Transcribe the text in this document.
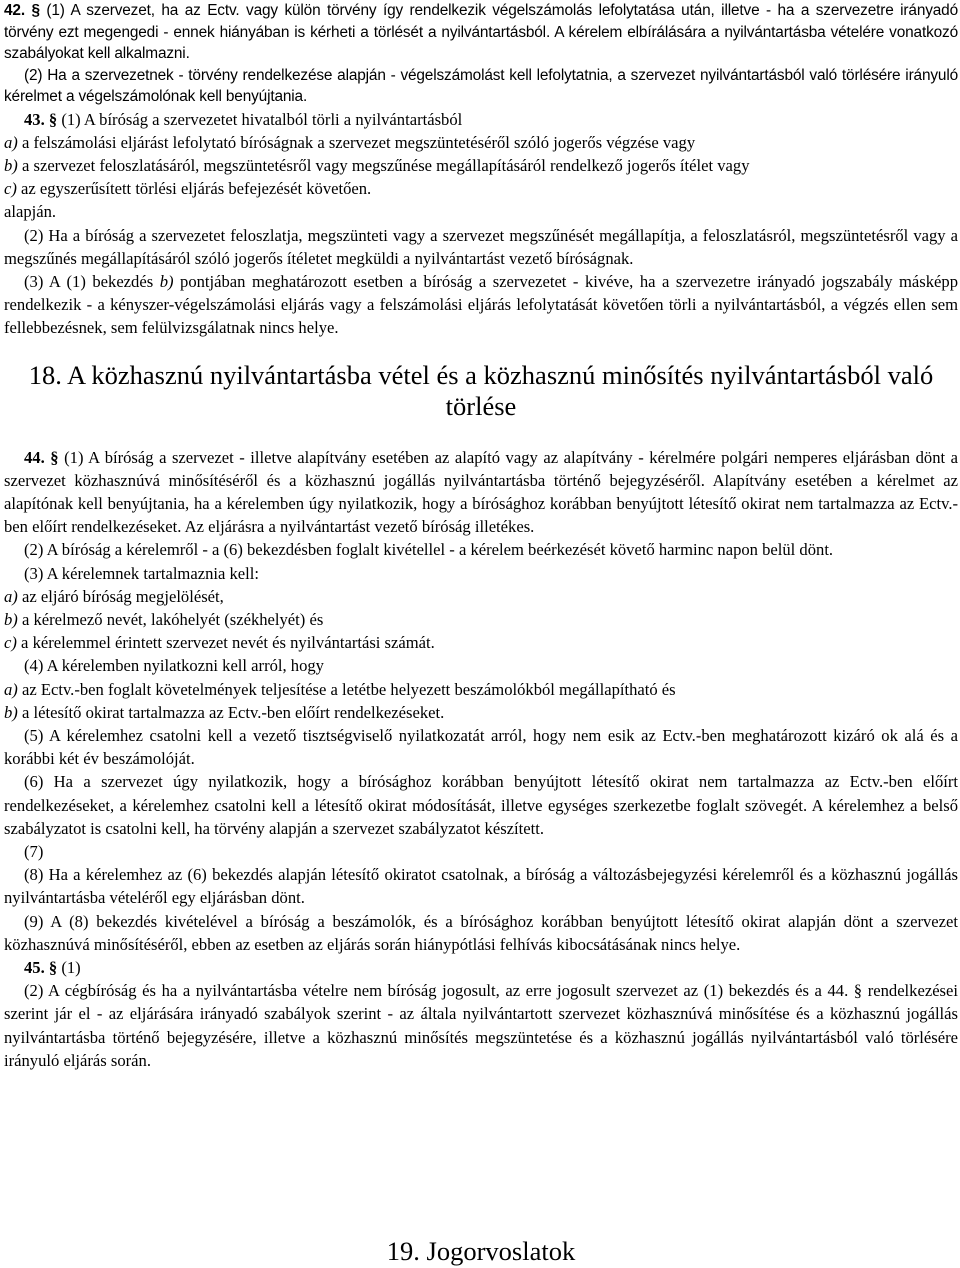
42. § (1) A szervezet, ha az Ectv. vagy külön törvény így rendelkezik végelszámolás lefolytatása után, illetve - ha a szervezetre irányadó törvény ezt megengedi - ennek hiányában is kérheti a törlését a nyilvántartásból. A kérelem elbírálására a nyilvántartásba vételére vonatkozó szabályokat kell alkalmazni.

(2) Ha a szervezetnek - törvény rendelkezése alapján - végelszámolást kell lefolytatnia, a szervezet nyilvántartásból való törlésére irányuló kérelmet a végelszámolónak kell benyújtania.

43. § (1) A bíróság a szervezetet hivatalból törli a nyilvántartásból

a) a felszámolási eljárást lefolytató bíróságnak a szervezet megszüntetéséről szóló jogerős végzése vagy

b) a szervezet feloszlatásáról, megszüntetésről vagy megszűnése megállapításáról rendelkező jogerős ítélet vagy

c) az egyszerűsített törlési eljárás befejezését követően.

alapján.

(2) Ha a bíróság a szervezetet feloszlatja, megszünteti vagy a szervezet megszűnését megállapítja, a feloszlatásról, megszüntetésről vagy a megszűnés megállapításáról szóló jogerős ítéletet megküldi a nyilvántartást vezető bíróságnak.

(3) A (1) bekezdés b) pontjában meghatározott esetben a bíróság a szervezetet - kivéve, ha a szervezetre irányadó jogszabály másképp rendelkezik - a kényszer-végelszámolási eljárás vagy a felszámolási eljárás lefolytatását követően törli a nyilvántartásból, a végzés ellen sem fellebbezésnek, sem felülvizsgálatnak nincs helye.

18. A közhasznú nyilvántartásba vétel és a közhasznú minősítés nyilvántartásból való törlése

44. § (1) A bíróság a szervezet - illetve alapítvány esetében az alapító vagy az alapítvány - kérelmére polgári nemperes eljárásban dönt a szervezet közhasznúvá minősítéséről és a közhasznú jogállás nyilvántartásba történő bejegyzéséről. Alapítvány esetében a kérelmet az alapítónak kell benyújtania, ha a kérelemben úgy nyilatkozik, hogy a bírósághoz korábban benyújtott létesítő okirat nem tartalmazza az Ectv.-ben előírt rendelkezéseket. Az eljárásra a nyilvántartást vezető bíróság illetékes.

(2) A bíróság a kérelemről - a (6) bekezdésben foglalt kivétellel - a kérelem beérkezését követő harminc napon belül dönt.

(3) A kérelemnek tartalmaznia kell:

a) az eljáró bíróság megjelölését,

b) a kérelmező nevét, lakóhelyét (székhelyét) és

c) a kérelemmel érintett szervezet nevét és nyilvántartási számát.

(4) A kérelemben nyilatkozni kell arról, hogy

a) az Ectv.-ben foglalt követelmények teljesítése a letétbe helyezett beszámolókból megállapítható és

b) a létesítő okirat tartalmazza az Ectv.-ben előírt rendelkezéseket.

(5) A kérelemhez csatolni kell a vezető tisztségviselő nyilatkozatát arról, hogy nem esik az Ectv.-ben meghatározott kizáró ok alá és a korábbi két év beszámolóját.

(6) Ha a szervezet úgy nyilatkozik, hogy a bírósághoz korábban benyújtott létesítő okirat nem tartalmazza az Ectv.-ben előírt rendelkezéseket, a kérelemhez csatolni kell a létesítő okirat módosítását, illetve egységes szerkezetbe foglalt szövegét. A kérelemhez a belső szabályzatot is csatolni kell, ha törvény alapján a szervezet szabályzatot készített.

(7)

(8) Ha a kérelemhez az (6) bekezdés alapján létesítő okiratot csatolnak, a bíróság a változásbejegyzési kérelemről és a közhasznú jogállás nyilvántartásba vételéről egy eljárásban dönt.

(9) A (8) bekezdés kivételével a bíróság a beszámolók, és a bírósághoz korábban benyújtott létesítő okirat alapján dönt a szervezet közhasznúvá minősítéséről, ebben az esetben az eljárás során hiánypótlási felhívás kibocsátásának nincs helye.

45. § (1)

(2) A cégbíróság és ha a nyilvántartásba vételre nem bíróság jogosult, az erre jogosult szervezet az (1) bekezdés és a 44. § rendelkezései szerint jár el - az eljárására irányadó szabályok szerint - az általa nyilvántartott szervezet közhasznúvá minősítése és a közhasznú jogállás nyilvántartásba történő bejegyzésére, illetve a közhasznú minősítés megszüntetése és a közhasznú jogállás nyilvántartásból való törlésére irányuló eljárás során.

19. Jogorvoslatok
